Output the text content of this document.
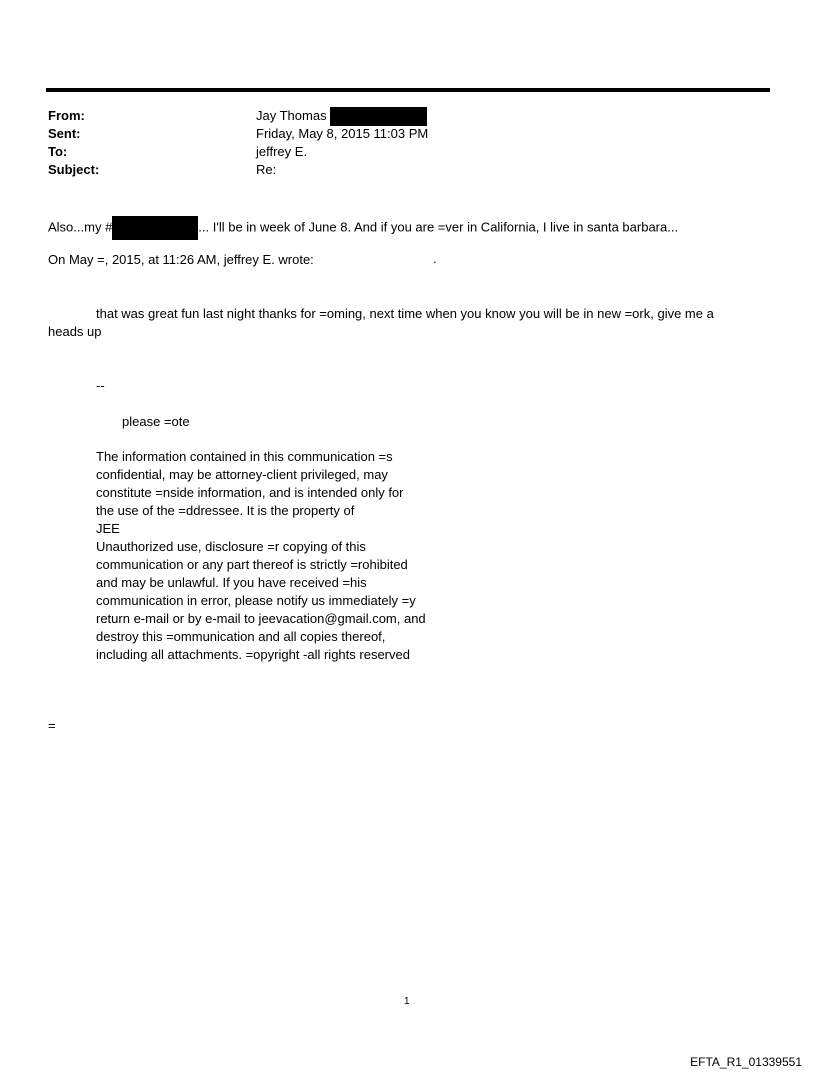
From:	Jay Thomas
Sent:	Friday, May 8, 2015 11:03 PM
To:	jeffrey E.
Subject:	Re:
Also...my #	... I'll be in week of June 8. And if you are =ver in California, I live in santa barbara...
On May =, 2015, at 11:26 AM, jeffrey E. wrote:	.
that was great fun last night thanks for =oming, next time when you know you will be in new =ork, give me a
heads up
--
please =ote
The information contained in this communication =s
confidential, may be attorney-client privileged, may
constitute =nside information, and is intended only for
the use of the =ddressee. It is the property of
JEE
Unauthorized use, disclosure =r copying of this
communication or any part thereof is strictly =rohibited
and may be unlawful. If you have received =his
communication in error, please notify us immediately =y
return e-mail or by e-mail to jeevacation@gmail.com, and
destroy this =ommunication and all copies thereof,
including all attachments. =opyright -all rights reserved
=
1
EFTA_R1_01339551
